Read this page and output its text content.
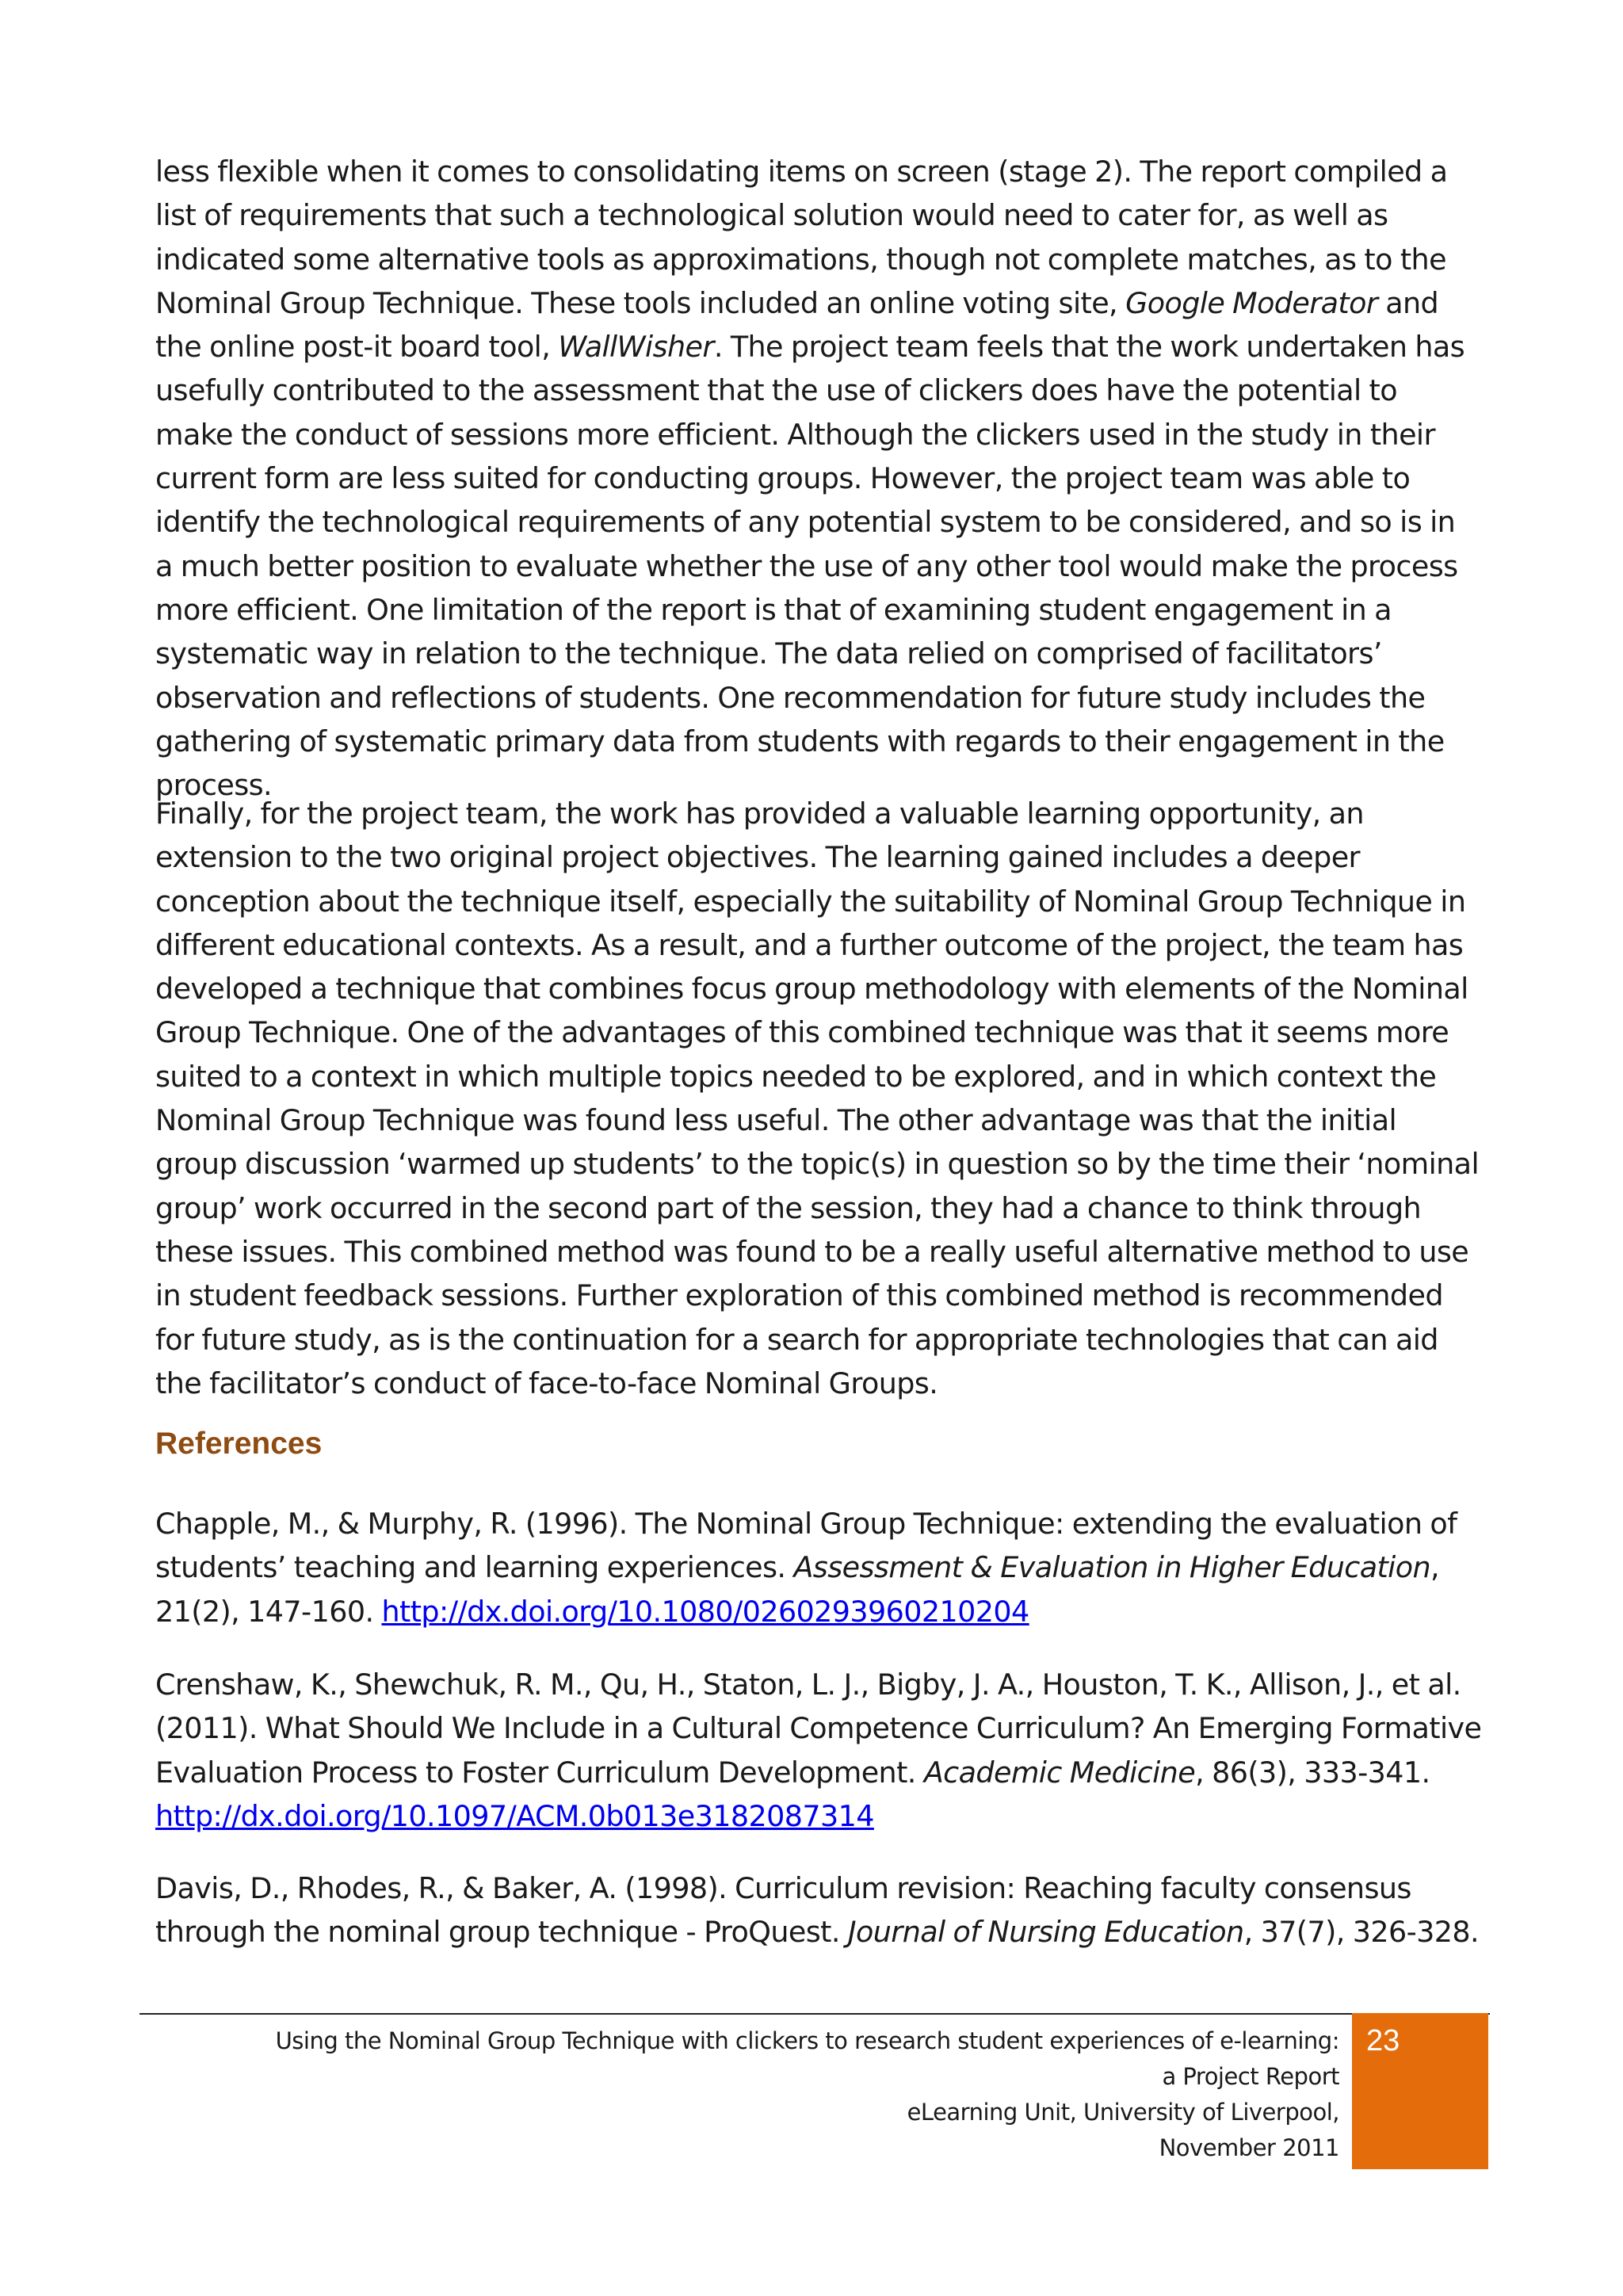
less flexible when it comes to consolidating items on screen (stage 2). The report compiled a list of requirements that such a technological solution would need to cater for, as well as indicated some alternative tools as approximations, though not complete matches, as to the Nominal Group Technique. These tools included an online voting site, Google Moderator and the online post-it board tool, WallWisher. The project team feels that the work undertaken has usefully contributed to the assessment that the use of clickers does have the potential to make the conduct of sessions more efficient. Although the clickers used in the study in their current form are less suited for conducting groups. However, the project team was able to identify the technological requirements of any potential system to be considered, and so is in a much better position to evaluate whether the use of any other tool would make the process more efficient. One limitation of the report is that of examining student engagement in a systematic way in relation to the technique. The data relied on comprised of facilitators’ observation and reflections of students. One recommendation for future study includes the gathering of systematic primary data from students with regards to their engagement in the process.

Finally, for the project team, the work has provided a valuable learning opportunity, an extension to the two original project objectives. The learning gained includes a deeper conception about the technique itself, especially the suitability of Nominal Group Technique in different educational contexts. As a result, and a further outcome of the project, the team has developed a technique that combines focus group methodology with elements of the Nominal Group Technique. One of the advantages of this combined technique was that it seems more suited to a context in which multiple topics needed to be explored, and in which context the Nominal Group Technique was found less useful. The other advantage was that the initial group discussion ‘warmed up students’ to the topic(s) in question so by the time their ‘nominal group’ work occurred in the second part of the session, they had a chance to think through these issues. This combined method was found to be a really useful alternative method to use in student feedback sessions. Further exploration of this combined method is recommended for future study, as is the continuation for a search for appropriate technologies that can aid the facilitator’s conduct of face-to-face Nominal Groups.

References

Chapple, M., & Murphy, R. (1996). The Nominal Group Technique: extending the evaluation of students’ teaching and learning experiences. Assessment & Evaluation in Higher Education, 21(2), 147-160. http://dx.doi.org/10.1080/0260293960210204

Crenshaw, K., Shewchuk, R. M., Qu, H., Staton, L. J., Bigby, J. A., Houston, T. K., Allison, J., et al. (2011). What Should We Include in a Cultural Competence Curriculum? An Emerging Formative Evaluation Process to Foster Curriculum Development. Academic Medicine, 86(3), 333-341. http://dx.doi.org/10.1097/ACM.0b013e3182087314

Davis, D., Rhodes, R., & Baker, A. (1998). Curriculum revision: Reaching faculty consensus through the nominal group technique - ProQuest. Journal of Nursing Education, 37(7), 326-328.

Using the Nominal Group Technique with clickers to research student experiences of e-learning:
a Project Report
eLearning Unit, University of Liverpool,
November 2011
23
